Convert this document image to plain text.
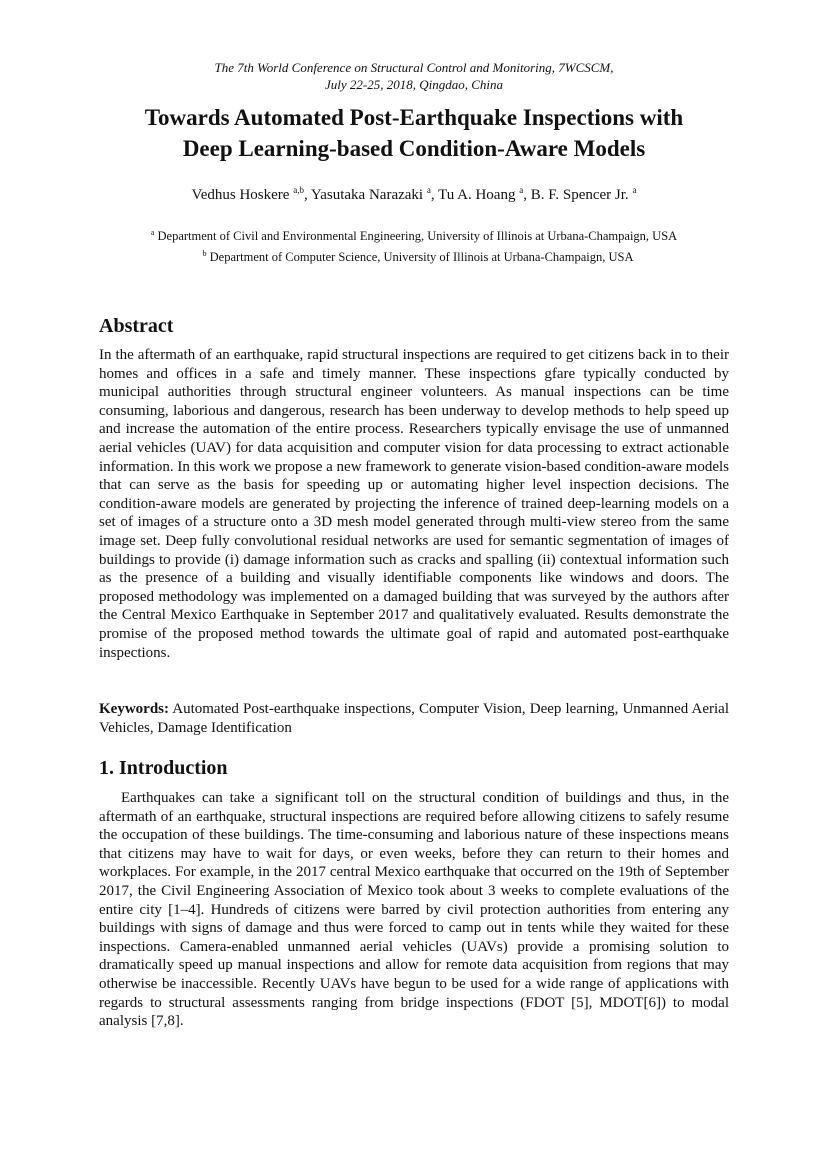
The 7th World Conference on Structural Control and Monitoring, 7WCSCM,
July 22-25, 2018, Qingdao, China
Towards Automated Post-Earthquake Inspections with
Deep Learning-based Condition-Aware Models
Vedhus Hoskere $^{a,b}$, Yasutaka Narazaki $^a$, Tu A. Hoang $^a$, B. F. Spencer Jr. $^a$
$^a$ Department of Civil and Environmental Engineering, University of Illinois at Urbana-Champaign, USA
$^b$ Department of Computer Science, University of Illinois at Urbana-Champaign, USA
Abstract
In the aftermath of an earthquake, rapid structural inspections are required to get citizens back in to their homes and offices in a safe and timely manner. These inspections gfare typically conducted by municipal authorities through structural engineer volunteers. As manual inspections can be time consuming, laborious and dangerous, research has been underway to develop methods to help speed up and increase the automation of the entire process. Researchers typically envisage the use of unmanned aerial vehicles (UAV) for data acquisition and computer vision for data processing to extract actionable information. In this work we propose a new framework to generate vision-based condition-aware models that can serve as the basis for speeding up or automating higher level inspection decisions. The condition-aware models are generated by projecting the inference of trained deep-learning models on a set of images of a structure onto a 3D mesh model generated through multi-view stereo from the same image set. Deep fully convolutional residual networks are used for semantic segmentation of images of buildings to provide (i) damage information such as cracks and spalling (ii) contextual information such as the presence of a building and visually identifiable components like windows and doors. The proposed methodology was implemented on a damaged building that was surveyed by the authors after the Central Mexico Earthquake in September 2017 and qualitatively evaluated. Results demonstrate the promise of the proposed method towards the ultimate goal of rapid and automated post-earthquake inspections.
Keywords: Automated Post-earthquake inspections, Computer Vision, Deep learning, Unmanned Aerial Vehicles, Damage Identification
1. Introduction
Earthquakes can take a significant toll on the structural condition of buildings and thus, in the aftermath of an earthquake, structural inspections are required before allowing citizens to safely resume the occupation of these buildings. The time-consuming and laborious nature of these inspections means that citizens may have to wait for days, or even weeks, before they can return to their homes and workplaces. For example, in the 2017 central Mexico earthquake that occurred on the 19th of September 2017, the Civil Engineering Association of Mexico took about 3 weeks to complete evaluations of the entire city [1–4]. Hundreds of citizens were barred by civil protection authorities from entering any buildings with signs of damage and thus were forced to camp out in tents while they waited for these inspections. Camera-enabled unmanned aerial vehicles (UAVs) provide a promising solution to dramatically speed up manual inspections and allow for remote data acquisition from regions that may otherwise be inaccessible. Recently UAVs have begun to be used for a wide range of applications with regards to structural assessments ranging from bridge inspections (FDOT [5], MDOT[6]) to modal analysis [7,8].
